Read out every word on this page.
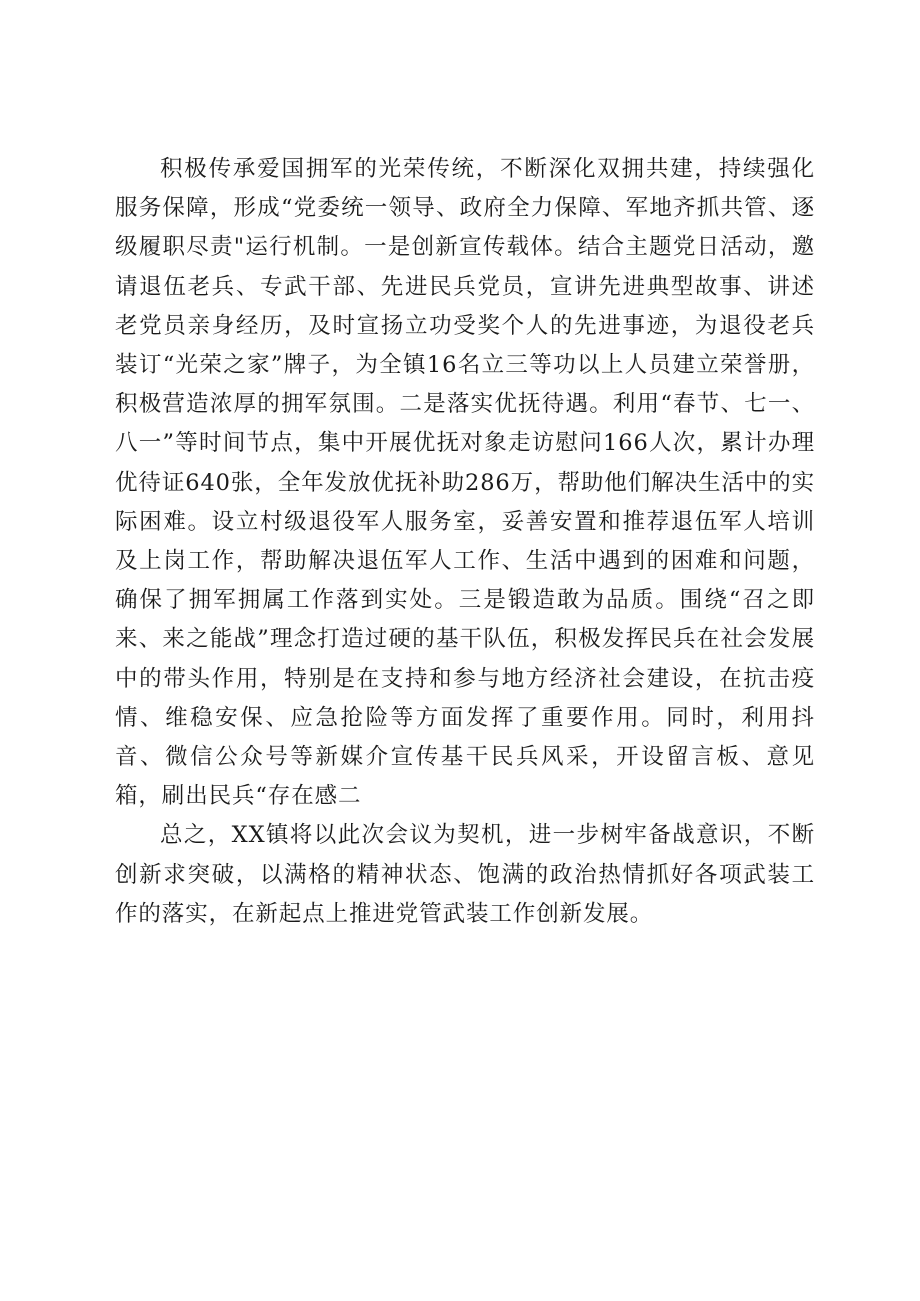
积极传承爱国拥军的光荣传统，不断深化双拥共建，持续强化服务保障，形成“党委统一领导、政府全力保障、军地齐抓共管、逐级履职尽责"运行机制。一是创新宣传载体。结合主题党日活动，邀请退伍老兵、专武干部、先进民兵党员，宣讲先进典型故事、讲述老党员亲身经历，及时宣扬立功受奖个人的先进事迹，为退役老兵装订“光荣之家”牌子，为全镇16名立三等功以上人员建立荣誉册，积极营造浓厚的拥军氛围。二是落实优抚待遇。利用“春节、七一、八一”等时间节点，集中开展优抚对象走访慰问166人次，累计办理优待证640张，全年发放优抚补助286万，帮助他们解决生活中的实际困难。设立村级退役军人服务室，妥善安置和推荐退伍军人培训及上岗工作，帮助解决退伍军人工作、生活中遇到的困难和问题，确保了拥军拥属工作落到实处。三是锻造敢为品质。围绕“召之即来、来之能战”理念打造过硬的基干队伍，积极发挥民兵在社会发展中的带头作用，特别是在支持和参与地方经济社会建设，在抗击疫情、维稳安保、应急抢险等方面发挥了重要作用。同时，利用抖音、微信公众号等新媒介宣传基干民兵风采，开设留言板、意见箱，刷出民兵“存在感二

总之，XX镇将以此次会议为契机，进一步树牢备战意识，不断创新求突破，以满格的精神状态、饱满的政治热情抓好各项武装工作的落实，在新起点上推进党管武装工作创新发展。
